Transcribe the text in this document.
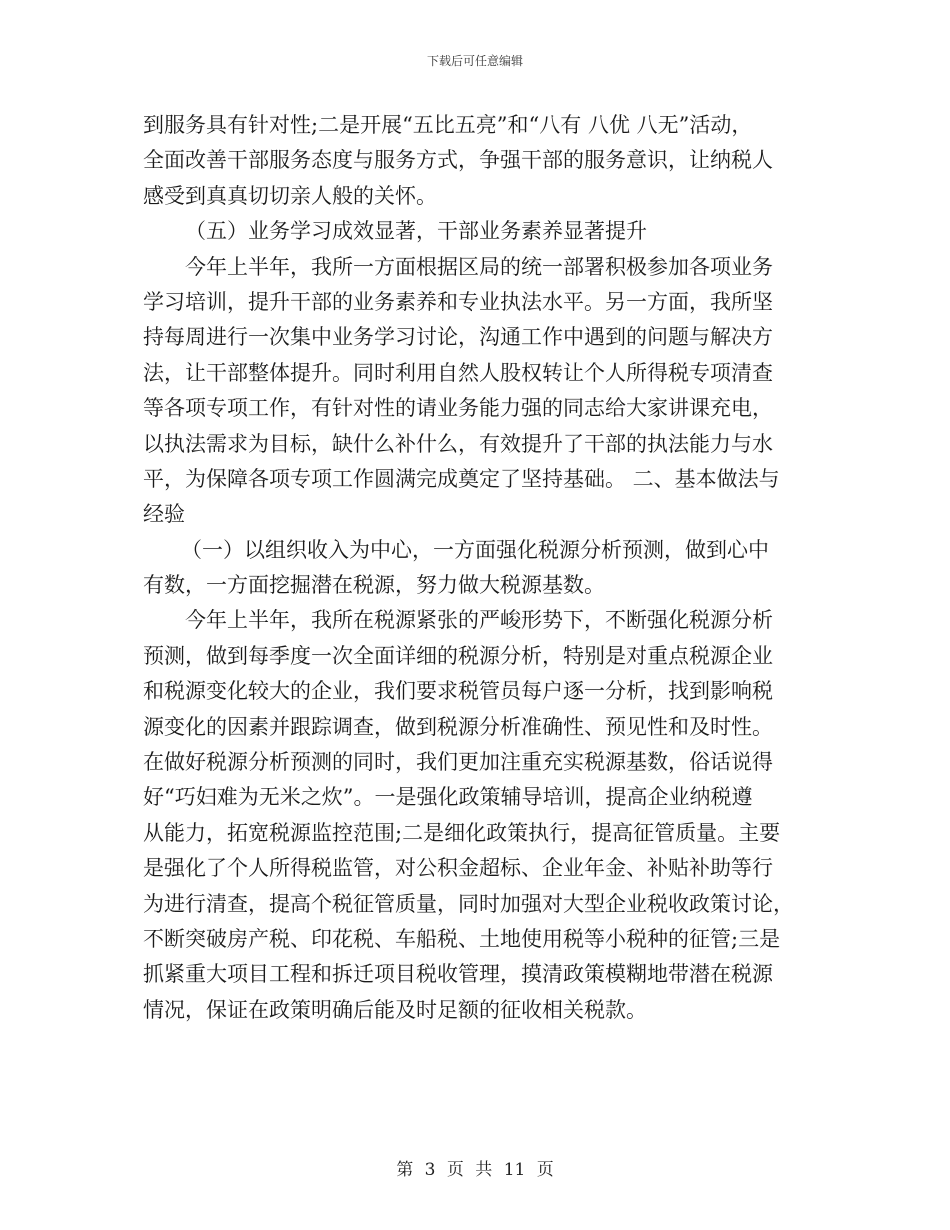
下载后可任意编辑
到服务具有针对性;二是开展“五比五亮”和“八有 八优 八无”活动，
全面改善干部服务态度与服务方式，争强干部的服务意识，让纳税人
感受到真真切切亲人般的关怀。
（五）业务学习成效显著，干部业务素养显著提升
今年上半年，我所一方面根据区局的统一部署积极参加各项业务
学习培训，提升干部的业务素养和专业执法水平。另一方面，我所坚
持每周进行一次集中业务学习讨论，沟通工作中遇到的问题与解决方
法，让干部整体提升。同时利用自然人股权转让个人所得税专项清查
等各项专项工作，有针对性的请业务能力强的同志给大家讲课充电，
以执法需求为目标，缺什么补什么，有效提升了干部的执法能力与水
平，为保障各项专项工作圆满完成奠定了坚持基础。 二、基本做法与
经验
（一）以组织收入为中心，一方面强化税源分析预测，做到心中
有数，一方面挖掘潜在税源，努力做大税源基数。
今年上半年，我所在税源紧张的严峻形势下，不断强化税源分析
预测，做到每季度一次全面详细的税源分析，特别是对重点税源企业
和税源变化较大的企业，我们要求税管员每户逐一分析，找到影响税
源变化的因素并跟踪调查，做到税源分析准确性、预见性和及时性。
在做好税源分析预测的同时，我们更加注重充实税源基数，俗话说得
好“巧妇难为无米之炊”。一是强化政策辅导培训，提高企业纳税遵
从能力，拓宽税源监控范围;二是细化政策执行，提高征管质量。主要
是强化了个人所得税监管，对公积金超标、企业年金、补贴补助等行
为进行清查，提高个税征管质量，同时加强对大型企业税收政策讨论，
不断突破房产税、印花税、车船税、土地使用税等小税种的征管;三是
抓紧重大项目工程和拆迁项目税收管理，摸清政策模糊地带潜在税源
情况，保证在政策明确后能及时足额的征收相关税款。
第 3 页 共 11 页
